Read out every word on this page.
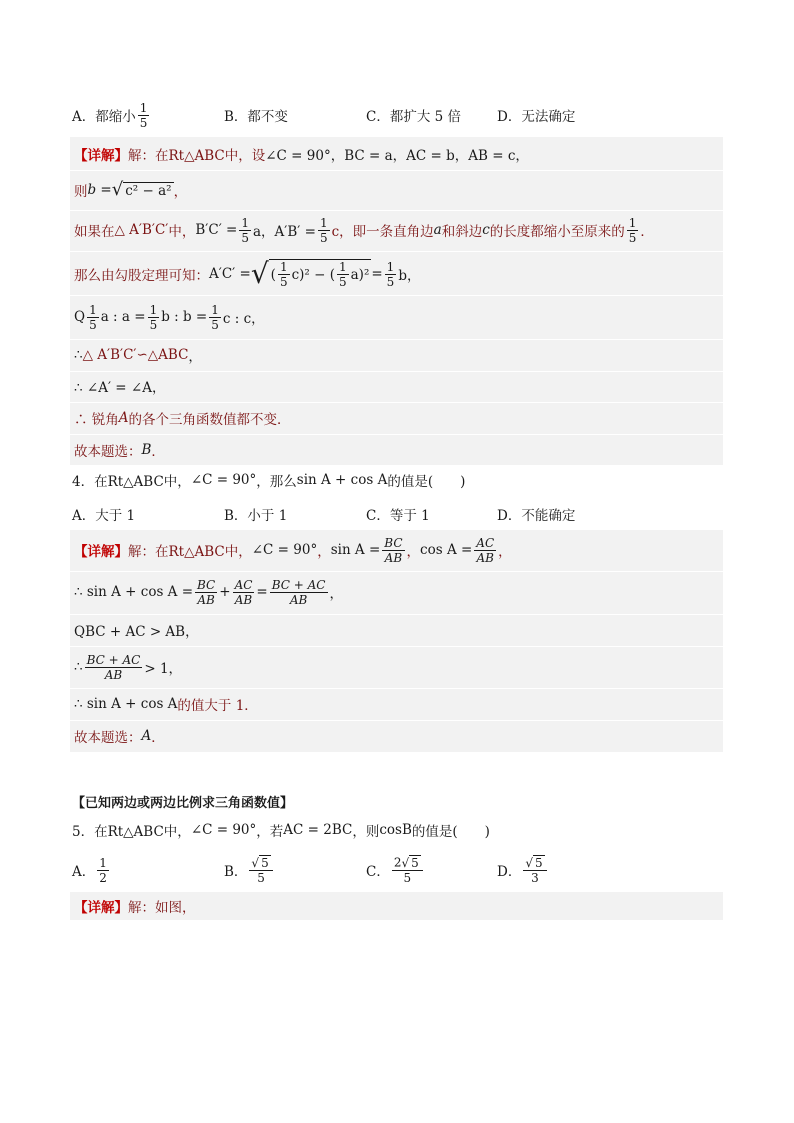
A．都缩小
1
5	B．都不变	C．都扩大 5 倍	D．无法确定
【详解】 解：在Rt△ABC中，设 ∠C = 90°，BC = a，AC = b，AB = c，
则 b = √ c² − a² ，
如果在 △ A′B′C′ 中， $B'C' = \frac{1}{5}$ a，$A'B' = \frac{1}{5}$ c，即一条直角边 a 和斜边 c 的长度都缩小至原来的
1
5 ．
那么由勾股定理可知： A′C′ = √ ( 1
5 c)² − ( 1
5 $a)^2 = \frac{1}{5}$ b，
Q 1
5 a : $a = \frac{1}{5}$ b : $b = \frac{1}{5}$ c : c，
∴ △ A′B′C′∽△ABC ，
∴ ∠A′ = ∠A，
∴ 锐角 A 的各个三角函数值都不变．
故本题选： B ．
4．在Rt△ABC中， ∠C = 90° ，那么 sin A + cos A 的值是(　　)
A．大于 1	B．小于 1	C．等于 1	D．不能确定
【详解】 解：在Rt△ABC中， ∠C = 90° ， $\sin A = \frac{BC}{AB}$ ， $\cos A = \frac{AC}{AB}$ ，
∴ $\sin A + \cos A = \frac{BC}{AB} + \frac{AC}{AB} = \frac{BC + AC}{AB}$ ，
QBC + AC > AB，
∴ BC + AC
AB > 1，
∴ sin A + cos A 的值大于 1．
故本题选： A ．
【已知两边或两边比例求三角函数值】
5．在Rt△ABC中， ∠C = 90° ，若 AC = 2BC ，则 cosB 的值是(　　)
A．
1
2	B．
√ 5
5	C．
2 √ 5
5	D．
√ 5
3
【详解】 解：如图，
